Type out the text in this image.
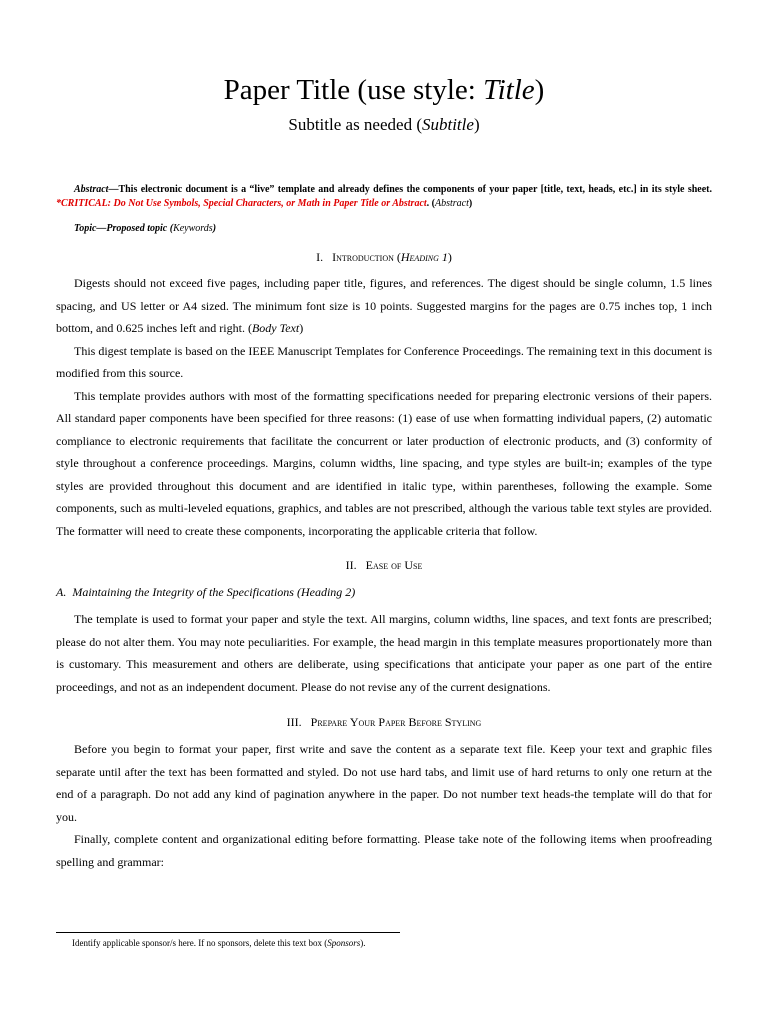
Paper Title (use style: Title)
Subtitle as needed (Subtitle)
Abstract—This electronic document is a “live” template and already defines the components of your paper [title, text, heads, etc.] in its style sheet. *CRITICAL: Do Not Use Symbols, Special Characters, or Math in Paper Title or Abstract. (Abstract)
Topic—Proposed topic (Keywords)
I. Introduction (Heading 1)

Digests should not exceed five pages, including paper title, figures, and references. The digest should be single column, 1.5 lines spacing, and US letter or A4 sized. The minimum font size is 10 points. Suggested margins for the pages are 0.75 inches top, 1 inch bottom, and 0.625 inches left and right. (Body Text)

This digest template is based on the IEEE Manuscript Templates for Conference Proceedings. The remaining text in this document is modified from this source.

This template provides authors with most of the formatting specifications needed for preparing electronic versions of their papers. All standard paper components have been specified for three reasons: (1) ease of use when formatting individual papers, (2) automatic compliance to electronic requirements that facilitate the concurrent or later production of electronic products, and (3) conformity of style throughout a conference proceedings. Margins, column widths, line spacing, and type styles are built-in; examples of the type styles are provided throughout this document and are identified in italic type, within parentheses, following the example. Some components, such as multi-leveled equations, graphics, and tables are not prescribed, although the various table text styles are provided. The formatter will need to create these components, incorporating the applicable criteria that follow.

II. Ease of Use
A. Maintaining the Integrity of the Specifications (Heading 2)

The template is used to format your paper and style the text. All margins, column widths, line spaces, and text fonts are prescribed; please do not alter them. You may note peculiarities. For example, the head margin in this template measures proportionately more than is customary. This measurement and others are deliberate, using specifications that anticipate your paper as one part of the entire proceedings, and not as an independent document. Please do not revise any of the current designations.

III. Prepare Your Paper Before Styling

Before you begin to format your paper, first write and save the content as a separate text file. Keep your text and graphic files separate until after the text has been formatted and styled. Do not use hard tabs, and limit use of hard returns to only one return at the end of a paragraph. Do not add any kind of pagination anywhere in the paper. Do not number text heads-the template will do that for you.

Finally, complete content and organizational editing before formatting. Please take note of the following items when proofreading spelling and grammar:

Identify applicable sponsor/s here. If no sponsors, delete this text box (Sponsors).
